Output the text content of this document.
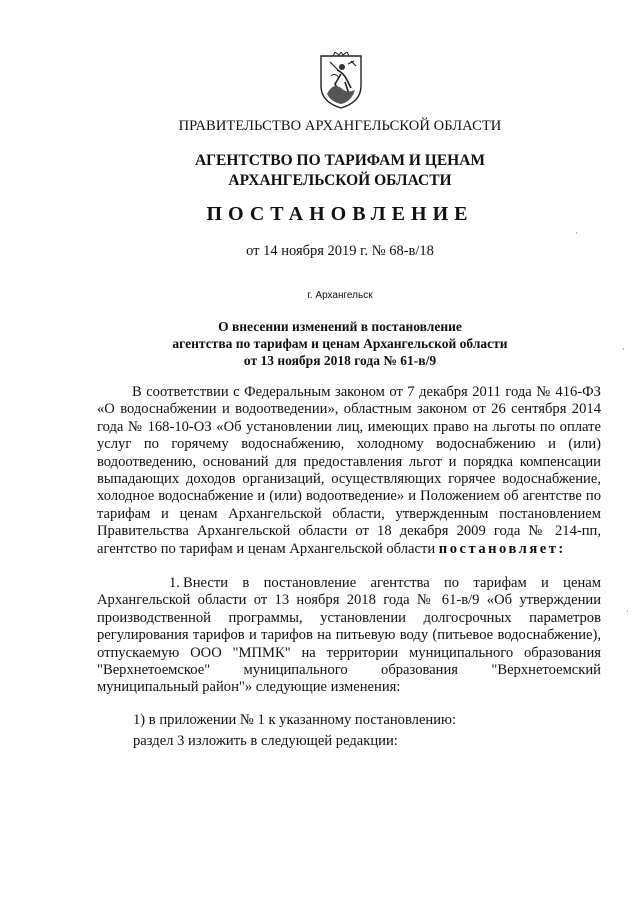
ПРАВИТЕЛЬСТВО АРХАНГЕЛЬСКОЙ ОБЛАСТИ
АГЕНТСТВО ПО ТАРИФАМ И ЦЕНАМ
АРХАНГЕЛЬСКОЙ ОБЛАСТИ
ПОСТАНОВЛЕНИЕ
от 14 ноября 2019 г. № 68-в/18
г. Архангельск
О внесении изменений в постановление
агентства по тарифам и ценам Архангельской области
от 13 ноября 2018 года № 61-в/9

В соответствии с Федеральным законом от 7 декабря 2011 года № 416-ФЗ «О водоснабжении и водоотведении», областным законом от 26 сентября 2014 года № 168-10-ОЗ «Об установлении лиц, имеющих право на льготы по оплате услуг по горячему водоснабжению, холодному водоснабжению и (или) водоотведению, оснований для предоставления льгот и порядка компенсации выпадающих доходов организаций, осуществляющих горячее водоснабжение, холодное водоснабжение и (или) водоотведение» и Положением об агентстве по тарифам и ценам Архангельской области, утвержденным постановлением Правительства Архангельской области от 18 декабря 2009 года № 214-пп, агентство по тарифам и ценам Архангельской области постановляет:

1. Внести в постановление агентства по тарифам и ценам Архангельской области от 13 ноября 2018 года № 61-в/9 «Об утверждении производственной программы, установлении долгосрочных параметров регулирования тарифов и тарифов на питьевую воду (питьевое водоснабжение), отпускаемую ООО "МПМК" на территории муниципального образования "Верхнетоемское" муниципального образования "Верхнетоемский муниципальный район"» следующие изменения:

1) в приложении № 1 к указанному постановлению:
раздел 3 изложить в следующей редакции:
·
·
·
